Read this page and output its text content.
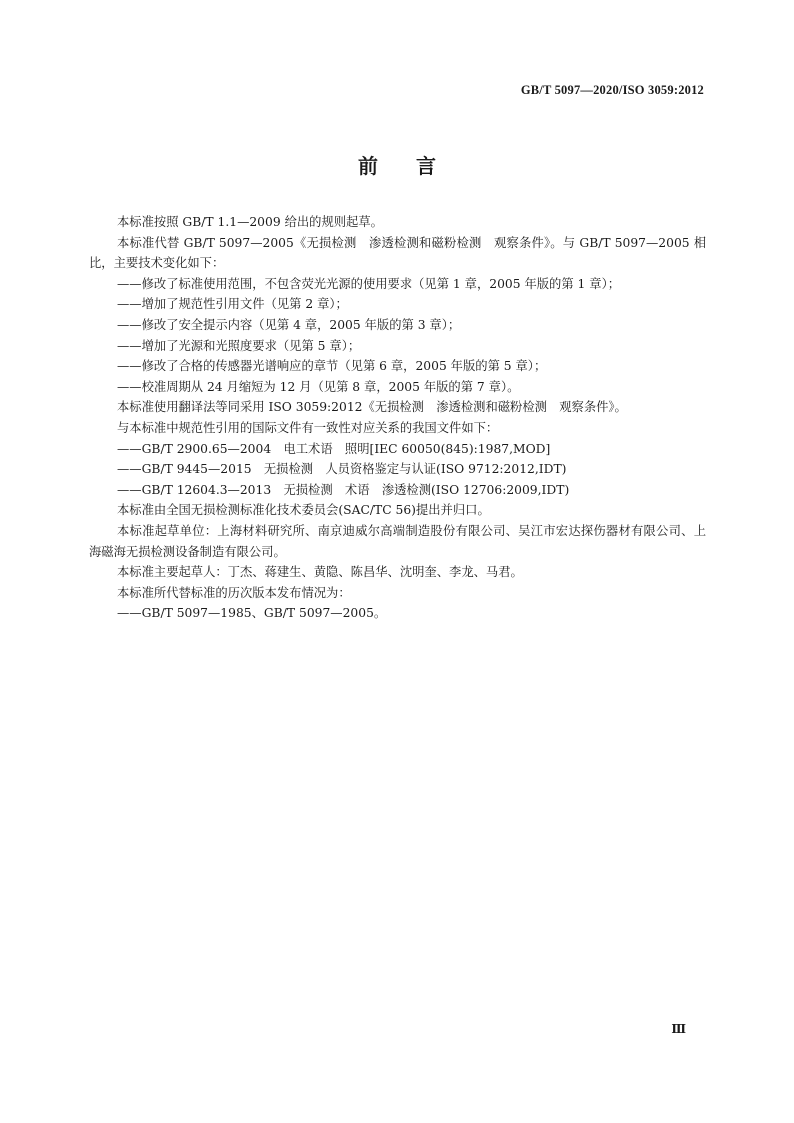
GB/T 5097—2020/ISO 3059:2012
前 言

本标准按照 GB/T 1.1—2009 给出的规则起草。

本标准代替 GB/T 5097—2005《无损检测　渗透检测和磁粉检测　观察条件》。与 GB/T 5097—2005 相比，主要技术变化如下：

——修改了标准使用范围，不包含荧光光源的使用要求（见第 1 章，2005 年版的第 1 章）；

——增加了规范性引用文件（见第 2 章）；

——修改了安全提示内容（见第 4 章，2005 年版的第 3 章）；

——增加了光源和光照度要求（见第 5 章）；

——修改了合格的传感器光谱响应的章节（见第 6 章，2005 年版的第 5 章）；

——校准周期从 24 月缩短为 12 月（见第 8 章，2005 年版的第 7 章）。

本标准使用翻译法等同采用 ISO 3059:2012《无损检测　渗透检测和磁粉检测　观察条件》。

与本标准中规范性引用的国际文件有一致性对应关系的我国文件如下：

——GB/T 2900.65—2004　电工术语　照明[IEC 60050(845):1987,MOD]

——GB/T 9445—2015　无损检测　人员资格鉴定与认证(ISO 9712:2012,IDT)

——GB/T 12604.3—2013　无损检测　术语　渗透检测(ISO 12706:2009,IDT)

本标准由全国无损检测标准化技术委员会(SAC/TC 56)提出并归口。

本标准起草单位：上海材料研究所、南京迪威尔高端制造股份有限公司、吴江市宏达探伤器材有限公司、上海磁海无损检测设备制造有限公司。

本标准主要起草人：丁杰、蒋建生、黄隐、陈昌华、沈明奎、李龙、马君。

本标准所代替标准的历次版本发布情况为：

——GB/T 5097—1985、GB/T 5097—2005。

Ⅲ
